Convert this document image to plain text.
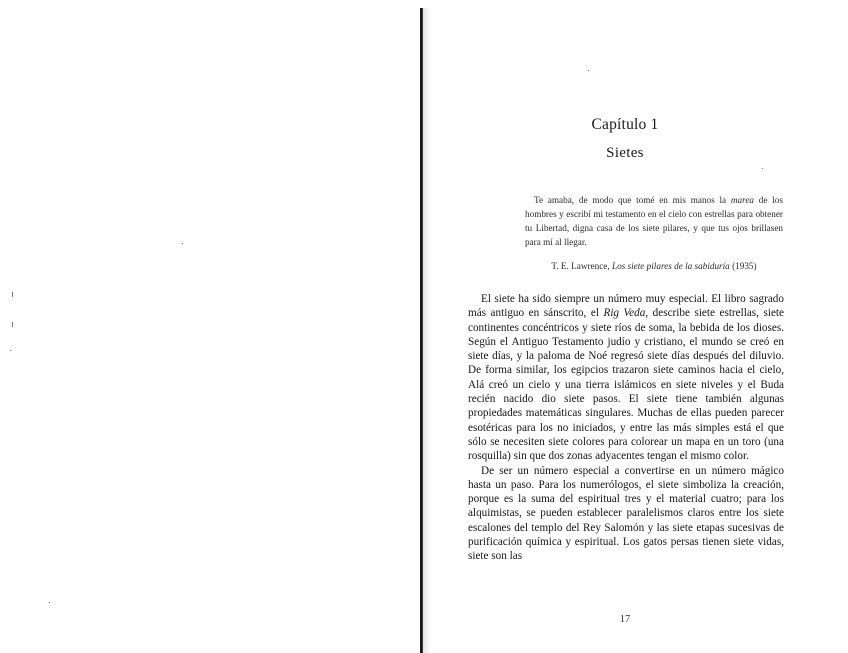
Capítulo 1
Sietes
Te amaba, de modo que tomé en mis manos la marea de los hombres y escribí mi testamento en el cielo con estrellas para obtener tu Libertad, digna casa de los siete pilares, y que tus ojos brillasen para mí al llegar.
T. E. Lawrence, Los siete pilares de la sabiduría (1935)

El siete ha sido siempre un número muy especial. El libro sagrado más antiguo en sánscrito, el Rig Veda, describe siete estrellas, siete continentes concéntricos y siete ríos de soma, la bebida de los dioses. Según el Antiguo Testamento judío y cristiano, el mundo se creó en siete días, y la paloma de Noé regresó siete días después del diluvio. De forma similar, los egipcios trazaron siete caminos hacia el cielo, Alá creó un cielo y una tierra islámicos en siete niveles y el Buda recién nacido dio siete pasos. El siete tiene también algunas propiedades matemáticas singulares. Muchas de ellas pueden parecer esotéricas para los no iniciados, y entre las más simples está el que sólo se necesiten siete colores para colorear un mapa en un toro (una rosquilla) sin que dos zonas adyacentes tengan el mismo color.

De ser un número especial a convertirse en un número mágico hasta un paso. Para los numerólogos, el siete simboliza la creación, porque es la suma del espiritual tres y el material cuatro; para los alquimistas, se pueden establecer paralelismos claros entre los siete escalones del templo del Rey Salomón y las siete etapas sucesivas de purificación química y espiritual. Los gatos persas tienen siete vidas, siete son las

17
